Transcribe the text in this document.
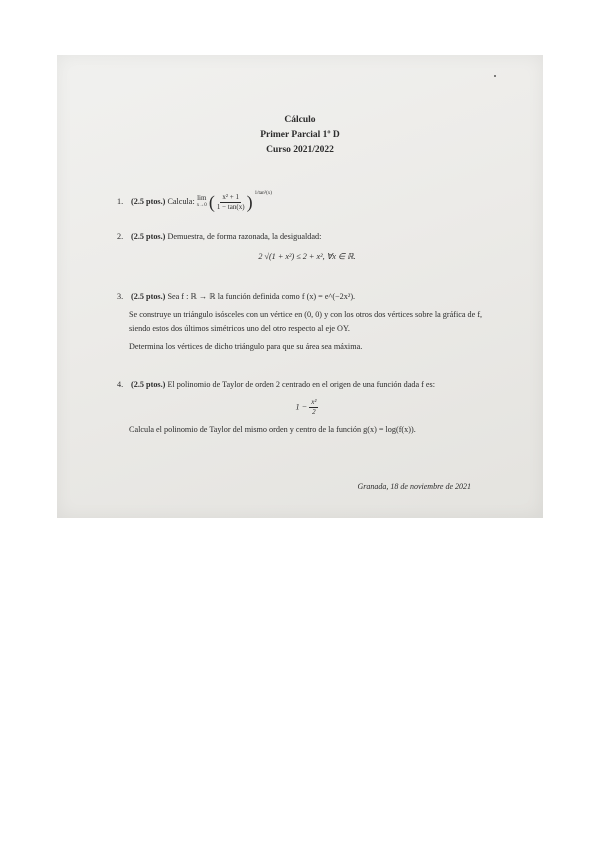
Cálculo
Primer Parcial 1º D
Curso 2021/2022
1. (2.5 ptos.) Calcula: lim
x→0 ( $\frac{\text{x² + 1}}{1 - \tan(x)}$ ) $^{1/tan^2(x)}$
2. (2.5 ptos.) Demuestra, de forma razonada, la desigualdad:
2 √(1 + x²) ≤ 2 + x², ∀x ∈ ℝ.
3. (2.5 ptos.) Sea f : ℝ → ℝ la función definida como f (x) = e^(−2x²).
Se construye un triángulo isósceles con un vértice en (0, 0) y con los otros dos vértices sobre la gráfica de f, siendo estos dos últimos simétricos uno del otro respecto al eje OY.
Determina los vértices de dicho triángulo para que su área sea máxima.
4. (2.5 ptos.) El polinomio de Taylor de orden 2 centrado en el origen de una función dada f es:
$1 - \frac{\text{x²}}{2}$
Calcula el polinomio de Taylor del mismo orden y centro de la función g(x) = log(f(x)).
Granada, 18 de noviembre de 2021
